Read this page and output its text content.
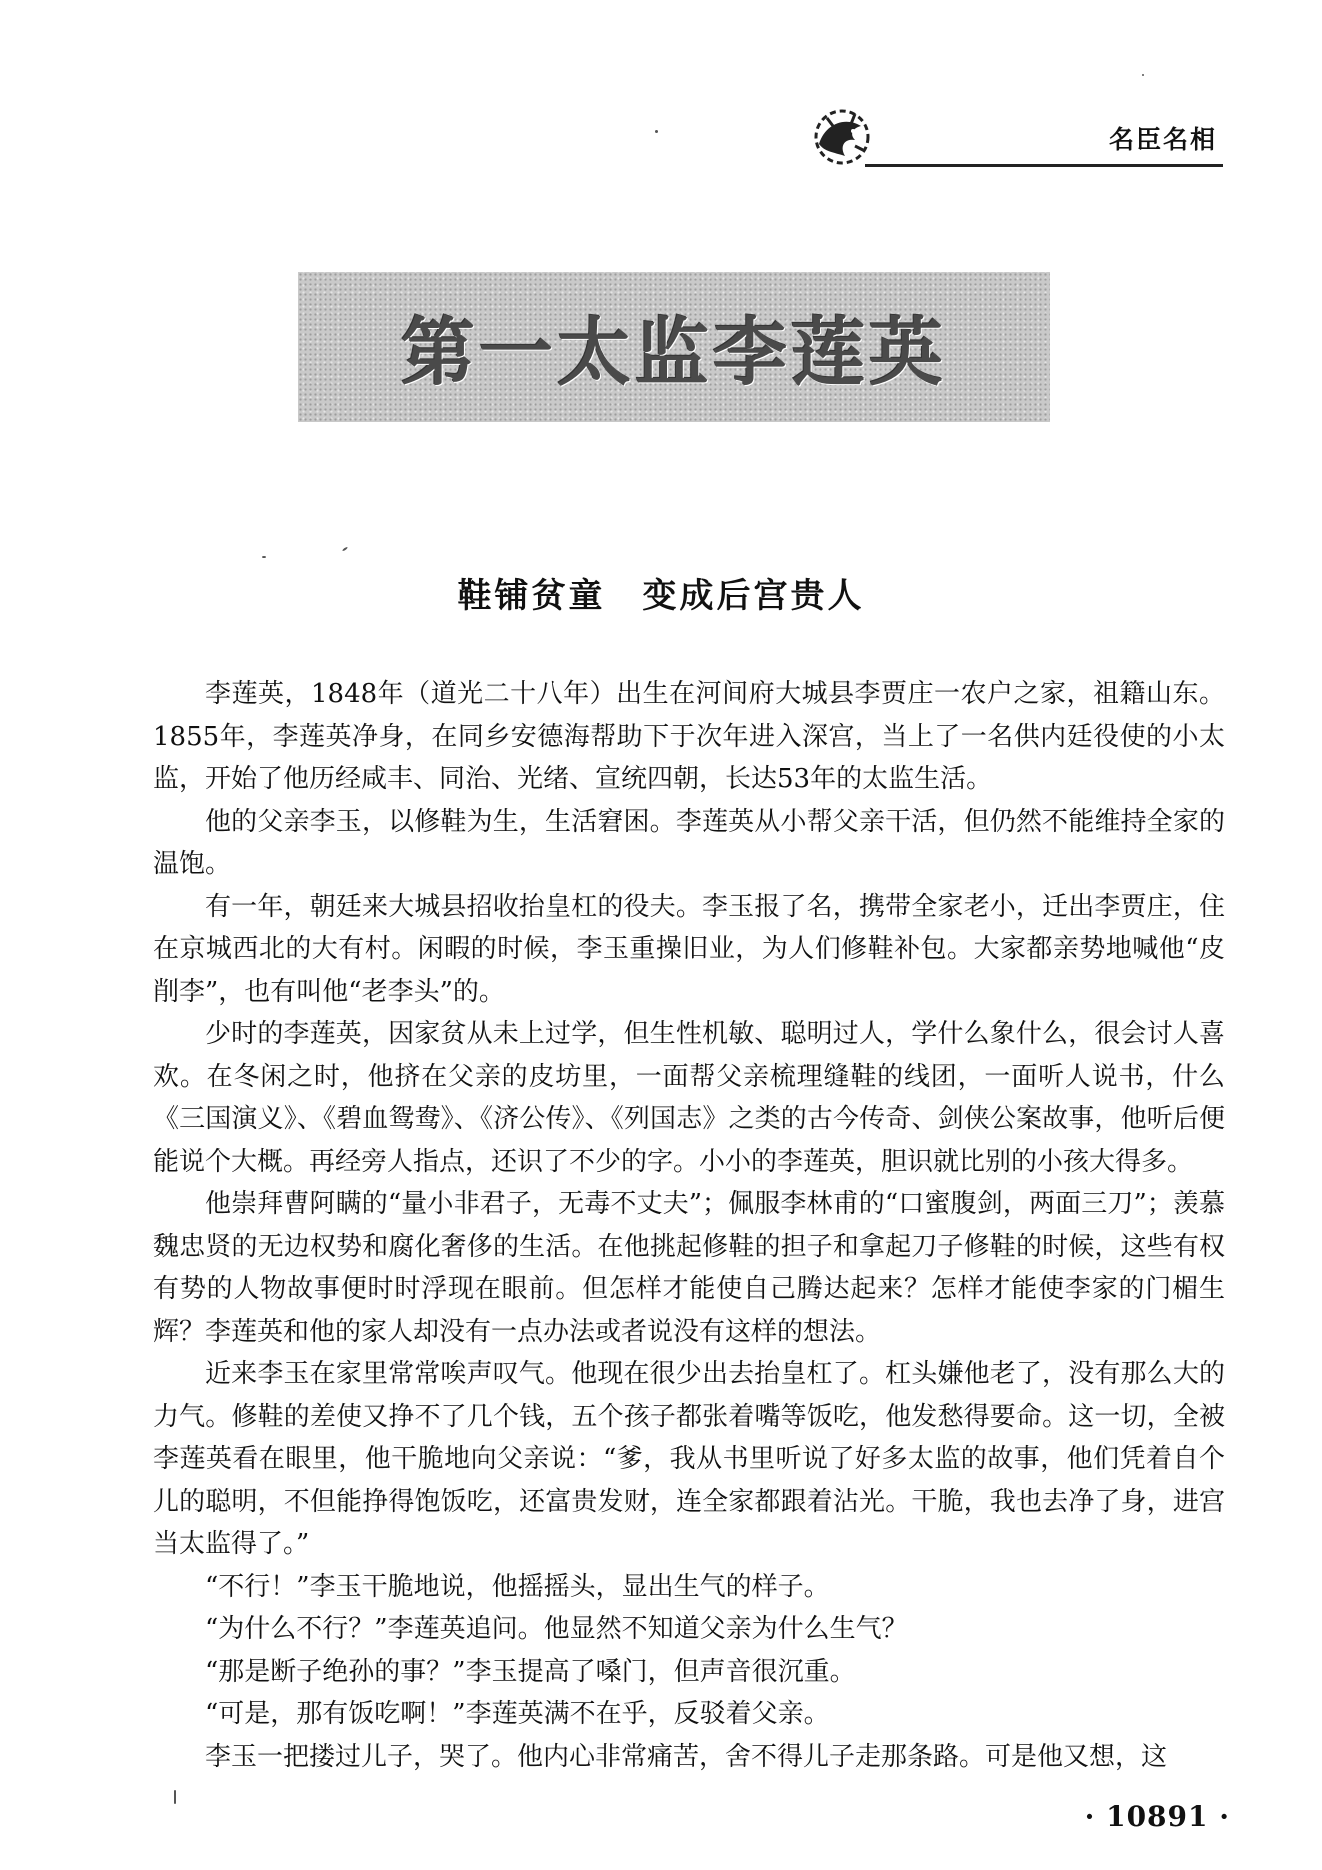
名臣名相
第一太监李莲英
鞋铺贫童　变成后宫贵人

李莲英，1848年（道光二十八年）出生在河间府大城县李贾庄一农户之家，祖籍山东。1855年，李莲英净身，在同乡安德海帮助下于次年进入深宫，当上了一名供内廷役使的小太监，开始了他历经咸丰、同治、光绪、宣统四朝，长达53年的太监生活。

他的父亲李玉，以修鞋为生，生活窘困。李莲英从小帮父亲干活，但仍然不能维持全家的温饱。

有一年，朝廷来大城县招收抬皇杠的役夫。李玉报了名，携带全家老小，迁出李贾庄，住在京城西北的大有村。闲暇的时候，李玉重操旧业，为人们修鞋补包。大家都亲势地喊他“皮削李”，也有叫他“老李头”的。

少时的李莲英，因家贫从未上过学，但生性机敏、聪明过人，学什么象什么，很会讨人喜欢。在冬闲之时，他挤在父亲的皮坊里，一面帮父亲梳理缝鞋的线团，一面听人说书，什么《三国演义》、《碧血鸳鸯》、《济公传》、《列国志》之类的古今传奇、剑侠公案故事，他听后便能说个大概。再经旁人指点，还识了不少的字。小小的李莲英，胆识就比别的小孩大得多。

他崇拜曹阿瞒的“量小非君子，无毒不丈夫”；佩服李林甫的“口蜜腹剑，两面三刀”；羡慕魏忠贤的无边权势和腐化奢侈的生活。在他挑起修鞋的担子和拿起刀子修鞋的时候，这些有权有势的人物故事便时时浮现在眼前。但怎样才能使自己腾达起来？怎样才能使李家的门楣生辉？李莲英和他的家人却没有一点办法或者说没有这样的想法。

近来李玉在家里常常唉声叹气。他现在很少出去抬皇杠了。杠头嫌他老了，没有那么大的力气。修鞋的差使又挣不了几个钱，五个孩子都张着嘴等饭吃，他发愁得要命。这一切，全被李莲英看在眼里，他干脆地向父亲说：“爹，我从书里听说了好多太监的故事，他们凭着自个儿的聪明，不但能挣得饱饭吃，还富贵发财，连全家都跟着沾光。干脆，我也去净了身，进宫当太监得了。”

“不行！”李玉干脆地说，他摇摇头，显出生气的样子。

“为什么不行？”李莲英追问。他显然不知道父亲为什么生气？

“那是断子绝孙的事？”李玉提高了嗓门，但声音很沉重。

“可是，那有饭吃啊！”李莲英满不在乎，反驳着父亲。

李玉一把搂过儿子，哭了。他内心非常痛苦，舍不得儿子走那条路。可是他又想，这

· 10891 ·
